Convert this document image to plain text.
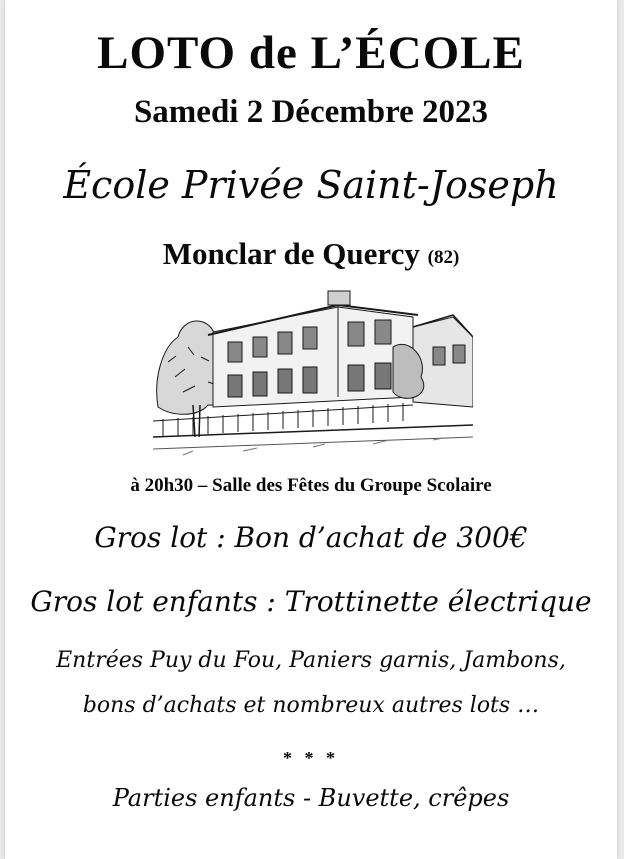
LOTO de L’ÉCOLE
Samedi 2 Décembre 2023
École Privée Saint-Joseph
Monclar de Quercy (82)
à 20h30 – Salle des Fêtes du Groupe Scolaire
Gros lot : Bon d’achat de 300€
Gros lot enfants : Trottinette électrique
Entrées Puy du Fou, Paniers garnis, Jambons,
bons d’achats et nombreux autres lots …
* * *
Parties enfants - Buvette, crêpes
